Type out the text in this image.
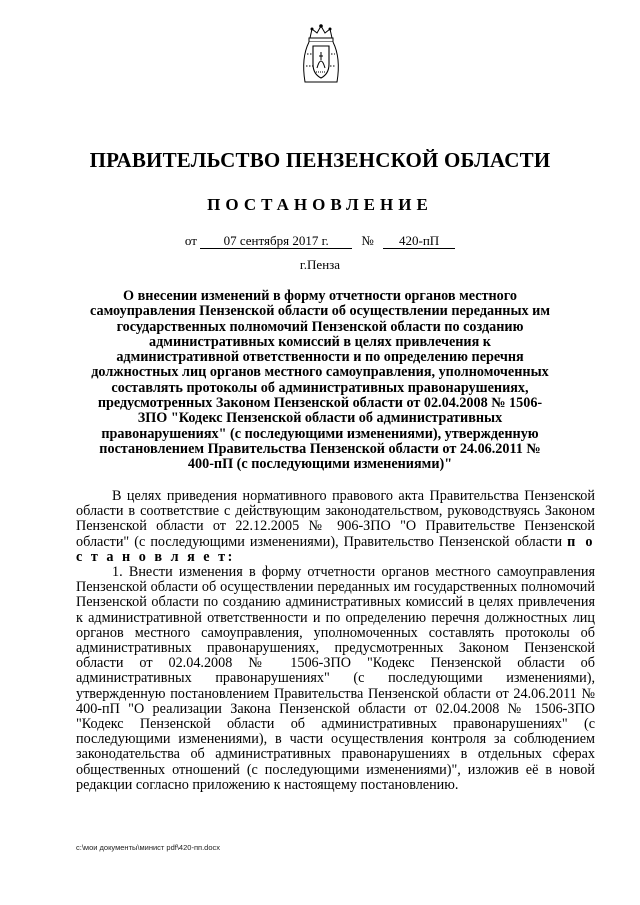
ПРАВИТЕЛЬСТВО ПЕНЗЕНСКОЙ ОБЛАСТИ
ПОСТАНОВЛЕНИЕ
от 07 сентября 2017 г.	№ 420-пП
г.Пенза
О внесении изменений в форму отчетности органов местного самоуправления Пензенской области об осуществлении переданных им государственных полномочий Пензенской области по созданию административных комиссий в целях привлечения к административной ответственности и по определению перечня должностных лиц органов местного самоуправления, уполномоченных составлять протоколы об административных правонарушениях, предусмотренных Законом Пензенской области от 02.04.2008 № 1506-ЗПО "Кодекс Пензенской области об административных правонарушениях" (с последующими изменениями), утвержденную постановлением Правительства Пензенской области от 24.06.2011 № 400-пП (с последующими изменениями)"

В целях приведения нормативного правового акта Правительства Пензенской области в соответствие с действующим законодательством, руководствуясь Законом Пензенской области от 22.12.2005 № 906-ЗПО "О Правительстве Пензенской области" (с последующими изменениями), Правительство Пензенской области п о с т а н о в л я е т:

1. Внести изменения в форму отчетности органов местного самоуправления Пензенской области об осуществлении переданных им государственных полномочий Пензенской области по созданию административных комиссий в целях привлечения к административной ответственности и по определению перечня должностных лиц органов местного самоуправления, уполномоченных составлять протоколы об административных правонарушениях, предусмотренных Законом Пензенской области от 02.04.2008 № 1506-ЗПО "Кодекс Пензенской области об административных правонарушениях" (с последующими изменениями), утвержденную постановлением Правительства Пензенской области от 24.06.2011 № 400-пП "О реализации Закона Пензенской области от 02.04.2008 № 1506-ЗПО "Кодекс Пензенской области об административных правонарушениях" (с последующими изменениями), в части осуществления контроля за соблюдением законодательства об административных правонарушениях в отдельных сферах общественных отношений (с последующими изменениями)", изложив её в новой редакции согласно приложению к настоящему постановлению.

c:\мои документы\минист pdf\420-пп.docx
